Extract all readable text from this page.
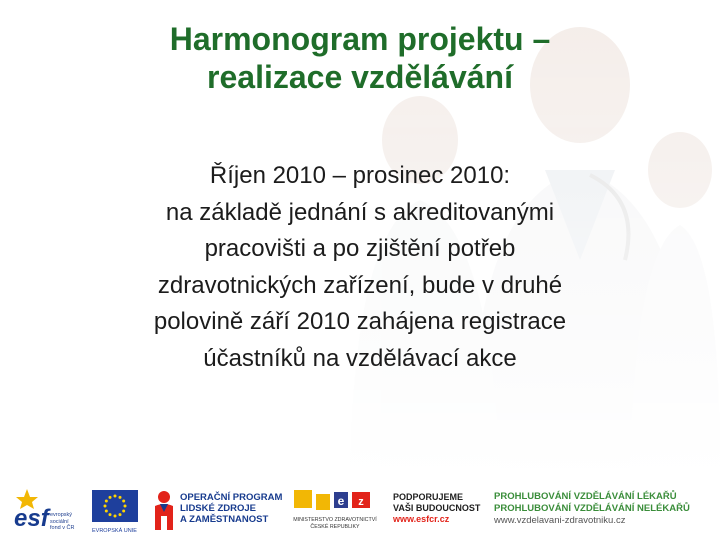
Harmonogram projektu –
realizace vzdělávání
Říjen 2010 – prosinec 2010:
na základě jednání s akreditovanými
pracovišti a po zjištění potřeb
zdravotnických zařízení, bude v druhé
polovině září 2010 zahájena registrace
účastníků na vzdělávací akce
esf evropský
sociální
fond v ČR	EVROPSKÁ UNIE
OPERAČNÍ PROGRAM
LIDSKÉ ZDROJE
A ZAMĚSTNANOST
e z
MINISTERSTVO ZDRAVOTNICTVÍ
ČESKÉ REPUBLIKY
PODPORUJEME
VAŠI BUDOUCNOST
www.esfcr.cz
PROHLUBOVÁNÍ VZDĚLÁVÁNÍ LÉKAŘŮ
PROHLUBOVÁNÍ VZDĚLÁVÁNÍ NELÉKAŘŮ
www.vzdelavani-zdravotniku.cz
